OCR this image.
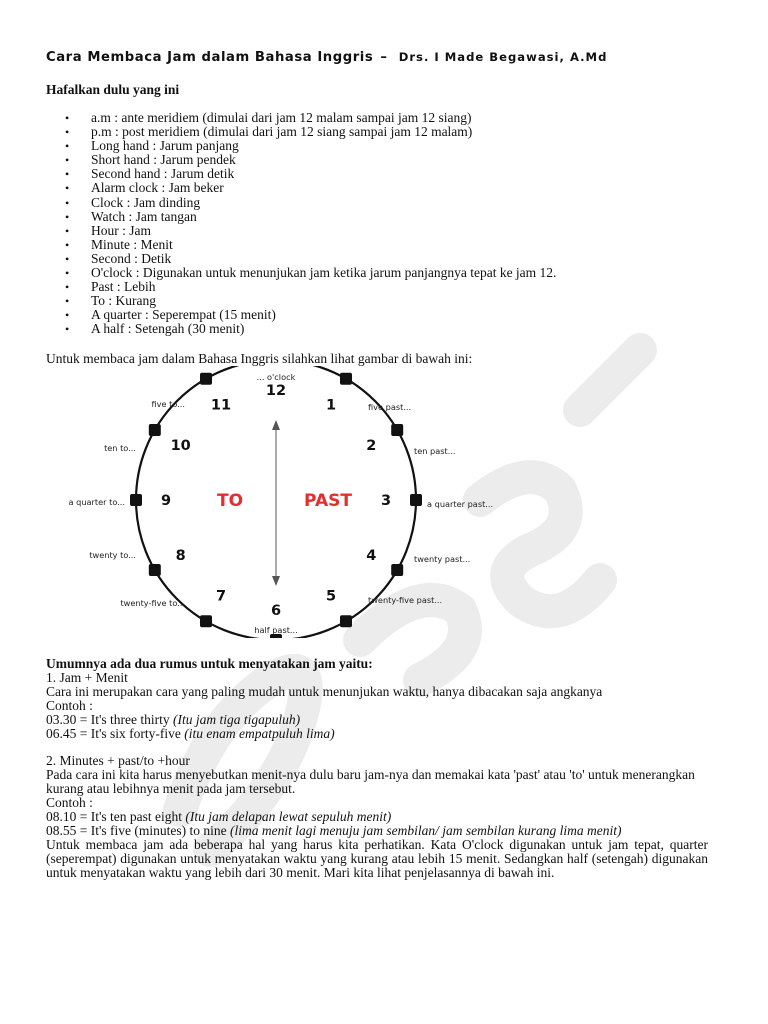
Cara Membaca Jam dalam Bahasa Inggris – Drs. I Made Begawasi, A.Md
Hafalkan dulu yang ini
• a.m : ante meridiem (dimulai dari jam 12 malam sampai jam 12 siang)
• p.m : post meridiem (dimulai dari jam 12 siang sampai jam 12 malam)
• Long hand : Jarum panjang
• Short hand : Jarum pendek
• Second hand : Jarum detik
• Alarm clock : Jam beker
• Clock : Jam dinding
• Watch : Jam tangan
• Hour : Jam
• Minute : Menit
• Second : Detik
• O'clock : Digunakan untuk menunjukan jam ketika jarum panjangnya tepat ke jam 12.
• Past : Lebih
• To : Kurang
• A quarter : Seperempat (15 menit)
• A half : Setengah (30 menit)
Untuk membaca jam dalam Bahasa Inggris silahkan lihat gambar di bawah ini:
12
1
2
3
4
5
6
7
8
9
10
11
TO	PAST
... o'clock
half past...
five past...
ten past...
a quarter past...
twenty past...
twenty-five past...
five to...
ten to...
a quarter to...
twenty to...
twenty-five to...

Umumnya ada dua rumus untuk menyatakan jam yaitu:

1. Jam + Menit

Cara ini merupakan cara yang paling mudah untuk menunjukan waktu, hanya dibacakan saja angkanya

Contoh :

03.30 = It's three thirty (Itu jam tiga tigapuluh)

06.45 = It's six forty-five (itu enam empatpuluh lima)

2. Minutes + past/to +hour

Pada cara ini kita harus menyebutkan menit-nya dulu baru jam-nya dan memakai kata 'past' atau 'to' untuk menerangkan kurang atau lebihnya menit pada jam tersebut.

Contoh :

08.10 = It's ten past eight (Itu jam delapan lewat sepuluh menit)

08.55 = It's five (minutes) to nine (lima menit lagi menuju jam sembilan/ jam sembilan kurang lima menit)

Untuk membaca jam ada beberapa hal yang harus kita perhatikan. Kata O'clock digunakan untuk jam tepat, quarter (seperempat) digunakan untuk menyatakan waktu yang kurang atau lebih 15 menit. Sedangkan half (setengah) digunakan untuk menyatakan waktu yang lebih dari 30 menit. Mari kita lihat penjelasannya di bawah ini.
